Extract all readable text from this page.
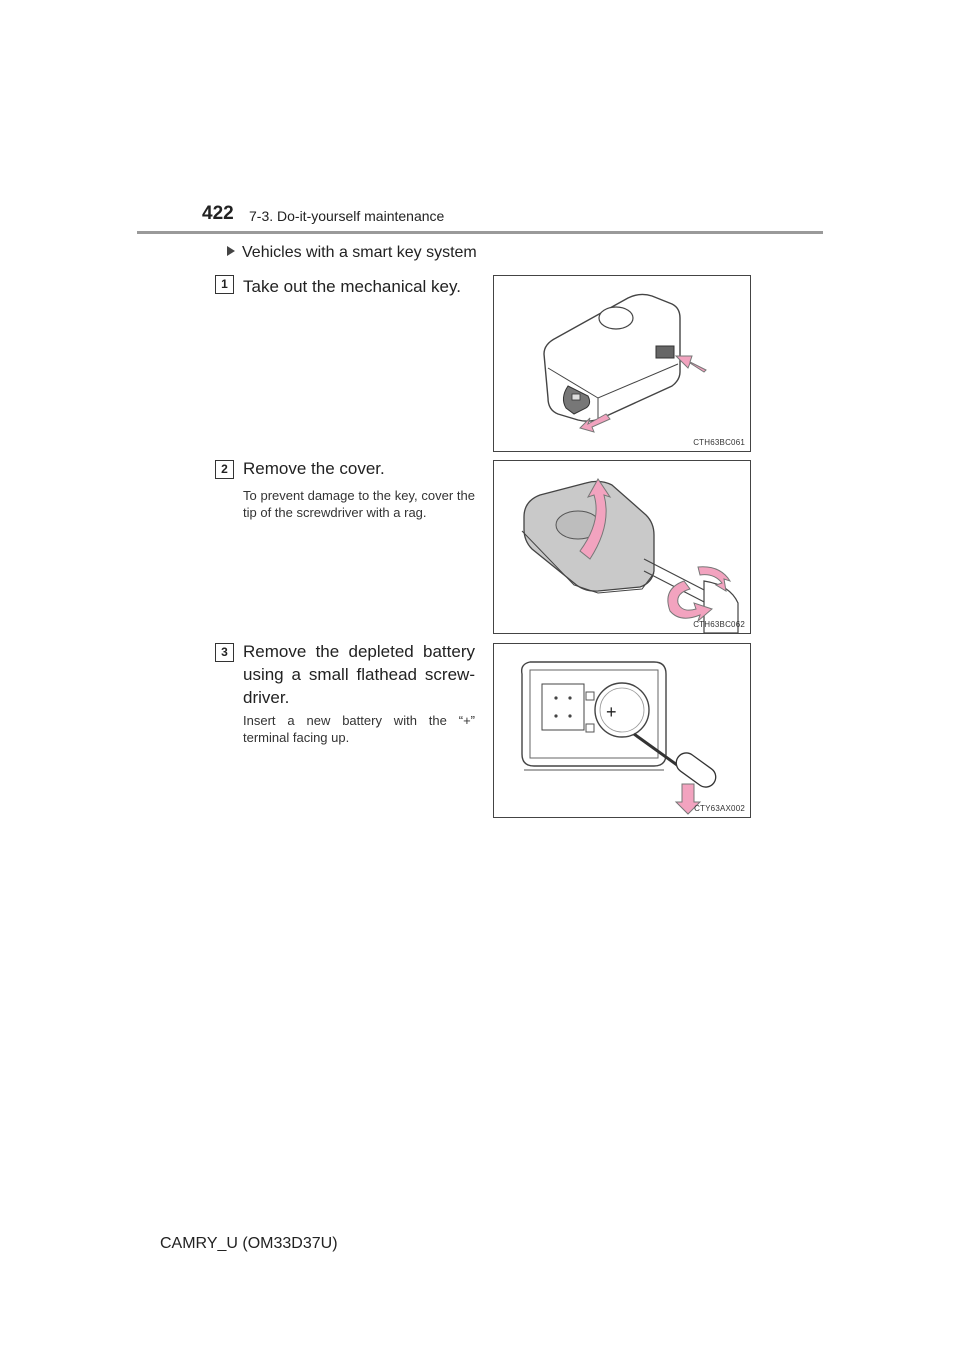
422 7-3. Do-it-yourself maintenance
Vehicles with a smart key system
1 Take out the mechanical key.
CTH63BC061
2 Remove the cover.
To prevent damage to the key, cover the tip of the screwdriver with a rag.
CTH63BC062
3 Remove the depleted battery using a small flathead screw-driver.
Insert a new battery with the “+” terminal facing up.
+
CTY63AX002
CAMRY_U (OM33D37U)
